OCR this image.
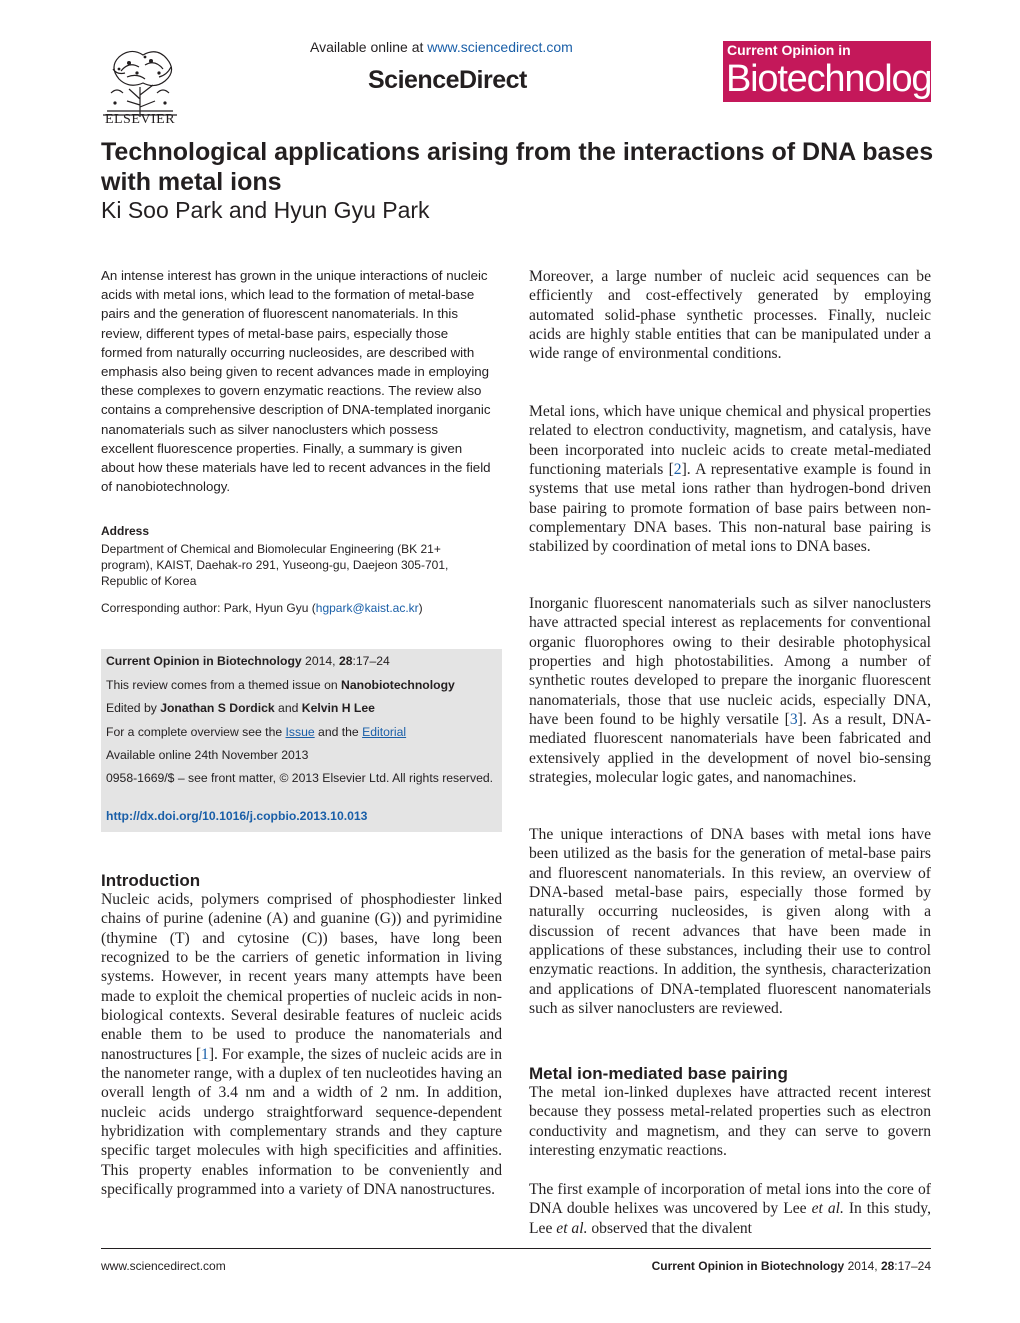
ELSEVIER
Available online at www.sciencedirect.com
ScienceDirect
Current Opinion in
Biotechnology
Technological applications arising from the interactions of DNA bases with metal ions
Ki Soo Park and Hyun Gyu Park

An intense interest has grown in the unique interactions of nucleic acids with metal ions, which lead to the formation of metal-base pairs and the generation of fluorescent nanomaterials. In this review, different types of metal-base pairs, especially those formed from naturally occurring nucleosides, are described with emphasis also being given to recent advances made in employing these complexes to govern enzymatic reactions. The review also contains a comprehensive description of DNA-templated inorganic nanomaterials such as silver nanoclusters which possess excellent fluorescence properties. Finally, a summary is given about how these materials have led to recent advances in the field of nanobiotechnology.

Address

Department of Chemical and Biomolecular Engineering (BK 21+ program), KAIST, Daehak-ro 291, Yuseong-gu, Daejeon 305-701, Republic of Korea

Corresponding author: Park, Hyun Gyu (hgpark@kaist.ac.kr)
Current Opinion in Biotechnology 2014, 28:17–24
This review comes from a themed issue on Nanobiotechnology
Edited by Jonathan S Dordick and Kelvin H Lee
For a complete overview see the Issue and the Editorial
Available online 24th November 2013
0958-1669/$ – see front matter, © 2013 Elsevier Ltd. All rights reserved.
http://dx.doi.org/10.1016/j.copbio.2013.10.013
Introduction

Nucleic acids, polymers comprised of phosphodiester linked chains of purine (adenine (A) and guanine (G)) and pyrimidine (thymine (T) and cytosine (C)) bases, have long been recognized to be the carriers of genetic information in living systems. However, in recent years many attempts have been made to exploit the chemical properties of nucleic acids in non-biological contexts. Several desirable features of nucleic acids enable them to be used to produce the nanomaterials and nanostructures [1]. For example, the sizes of nucleic acids are in the nanometer range, with a duplex of ten nucleotides having an overall length of 3.4 nm and a width of 2 nm. In addition, nucleic acids undergo straightforward sequence-dependent hybridization with complementary strands and they capture specific target molecules with high specificities and affinities. This property enables information to be conveniently and specifically programmed into a variety of DNA nanostructures.

Moreover, a large number of nucleic acid sequences can be efficiently and cost-effectively generated by employing automated solid-phase synthetic processes. Finally, nucleic acids are highly stable entities that can be manipulated under a wide range of environmental conditions.

Metal ions, which have unique chemical and physical properties related to electron conductivity, magnetism, and catalysis, have been incorporated into nucleic acids to create metal-mediated functioning materials [2]. A representative example is found in systems that use metal ions rather than hydrogen-bond driven base pairing to promote formation of base pairs between non-complementary DNA bases. This non-natural base pairing is stabilized by coordination of metal ions to DNA bases.

Inorganic fluorescent nanomaterials such as silver nanoclusters have attracted special interest as replacements for conventional organic fluorophores owing to their desirable photophysical properties and high photostabilities. Among a number of synthetic routes developed to prepare the inorganic fluorescent nanomaterials, those that use nucleic acids, especially DNA, have been found to be highly versatile [3]. As a result, DNA-mediated fluorescent nanomaterials have been fabricated and extensively applied in the development of novel bio-sensing strategies, molecular logic gates, and nanomachines.

The unique interactions of DNA bases with metal ions have been utilized as the basis for the generation of metal-base pairs and fluorescent nanomaterials. In this review, an overview of DNA-based metal-base pairs, especially those formed by naturally occurring nucleosides, is given along with a discussion of recent advances that have been made in applications of these substances, including their use to control enzymatic reactions. In addition, the synthesis, characterization and applications of DNA-templated fluorescent nanomaterials such as silver nanoclusters are reviewed.

Metal ion-mediated base pairing

The metal ion-linked duplexes have attracted recent interest because they possess metal-related properties such as electron conductivity and magnetism, and they can serve to govern interesting enzymatic reactions.

The first example of incorporation of metal ions into the core of DNA double helixes was uncovered by Lee et al. In this study, Lee et al. observed that the divalent

www.sciencedirect.com	Current Opinion in Biotechnology 2014, 28:17–24
